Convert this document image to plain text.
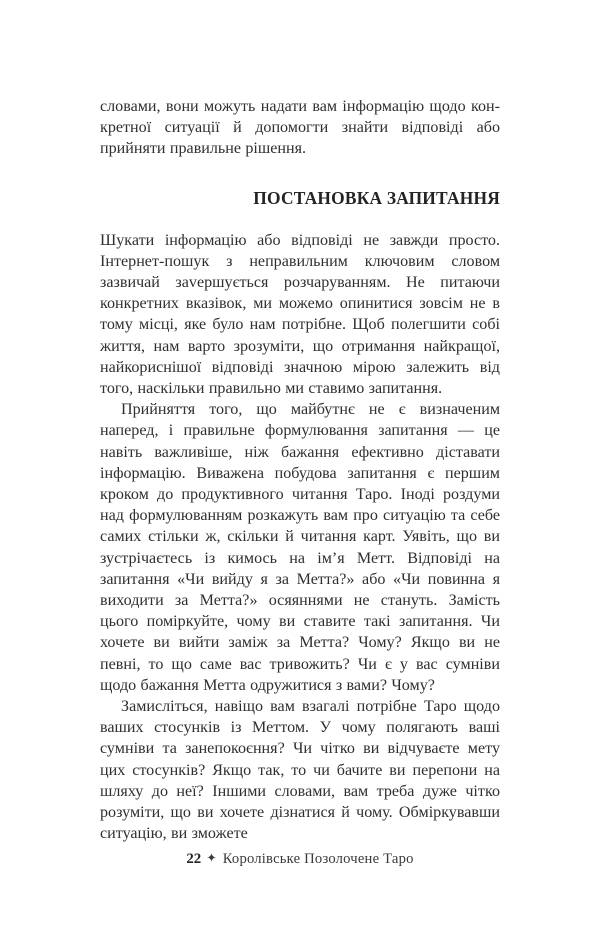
словами, вони можуть надати вам інформацію щодо конкретної ситуації й допомогти знайти відповіді або прийняти правильне рішення.

ПОСТАНОВКА ЗАПИТАННЯ

Шукати інформацію або відповіді не завжди просто. Інтернет-пошук з неправильним ключовим словом зазвичай заvершується розчаруванням. Не питаючи конкретних вказівок, ми можемо опинитися зовсім не в тому місці, яке було нам потрібне. Щоб полегшити собі життя, нам варто зрозуміти, що отримання найкращої, найкориснішої відповіді значною мірою залежить від того, наскільки правильно ми ставимо запитання.

Прийняття того, що майбутнє не є визначеним наперед, і правильне формулювання запитання — це навіть важливіше, ніж бажання ефективно діставати інформацію. Виважена побудова запитання є першим кроком до продуктивного читання Таро. Іноді роздуми над формулюванням розкажуть вам про ситуацію та себе самих стільки ж, скільки й читання карт. Уявіть, що ви зустрічаєтесь із кимось на ім’я Метт. Відповіді на запитання «Чи вийду я за Метта?» або «Чи повинна я виходити за Метта?» осяяннями не стануть. Замість цього поміркуйте, чому ви ставите такі запитання. Чи хочете ви вийти заміж за Метта? Чому? Якщо ви не певні, то що саме вас тривожить? Чи є у вас сумніви щодо бажання Метта одружитися з вами? Чому?

Замисліться, навіщо вам взагалі потрібне Таро щодо ваших стосунків із Меттом. У чому полягають ваші сумніви та занепокоєння? Чи чітко ви відчуваєте мету цих стосунків? Якщо так, то чи бачите ви перепони на шляху до неї? Іншими словами, вам треба дуже чітко розуміти, що ви хочете дізнатися й чому. Обміркувавши ситуацію, ви зможете

22 ✦ Королівське Позолочене Таро
